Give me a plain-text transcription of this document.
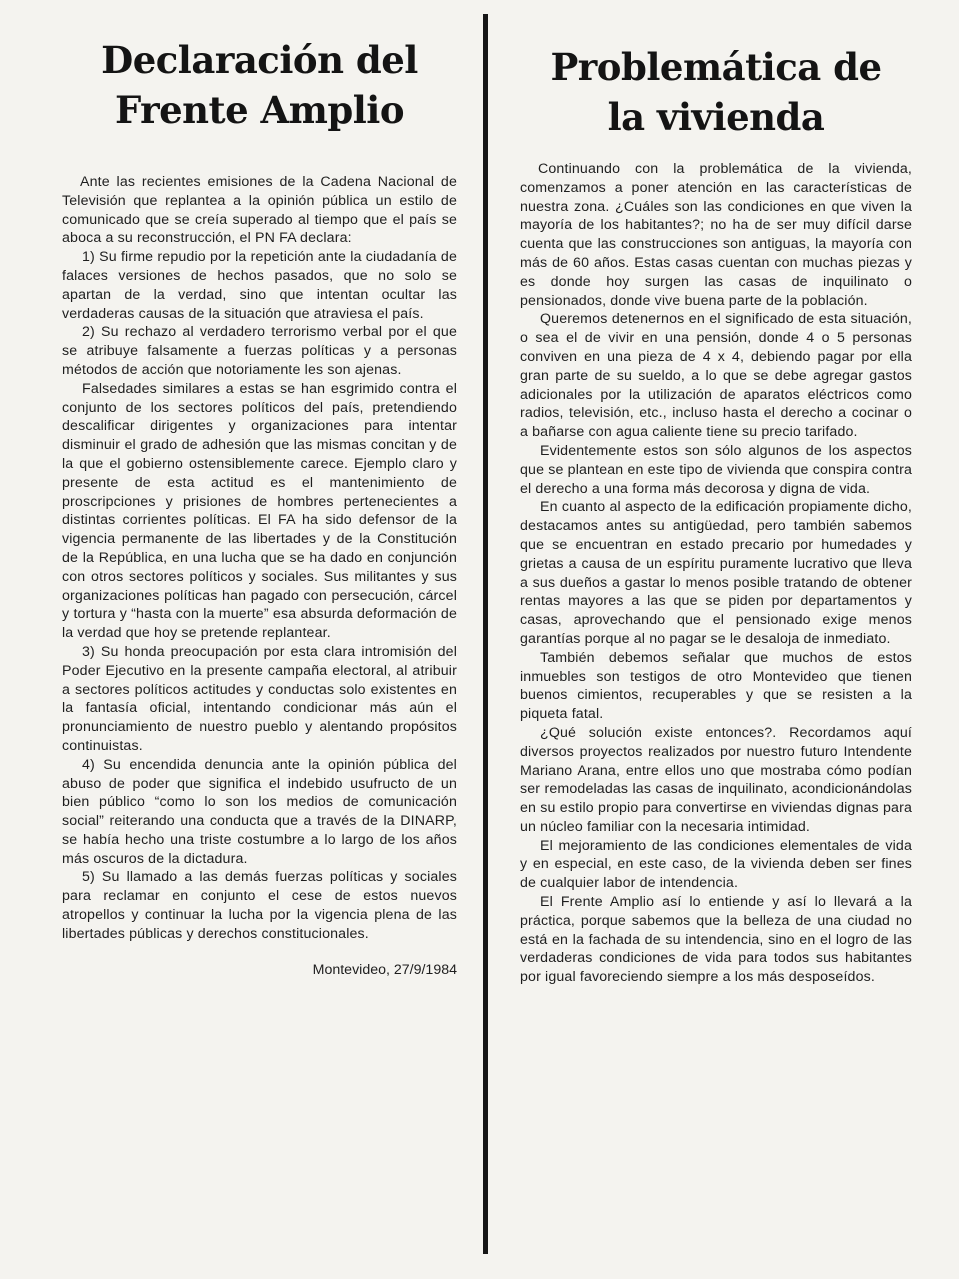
Declaración del
Frente Amplio

Ante las recientes emisiones de la Cadena Nacional de Televisión que replantea a la opinión pública un estilo de comunicado que se creía superado al tiempo que el país se aboca a su reconstrucción, el PN FA declara:

1) Su firme repudio por la repetición ante la ciudadanía de falaces versiones de hechos pasados, que no solo se apartan de la verdad, sino que intentan ocultar las verdaderas causas de la situación que atraviesa el país.

2) Su rechazo al verdadero terrorismo verbal por el que se atribuye falsamente a fuerzas políticas y a personas métodos de acción que notoriamente les son ajenas.

Falsedades similares a estas se han esgrimido contra el conjunto de los sectores políticos del país, pretendiendo descalificar dirigentes y organizaciones para intentar disminuir el grado de adhesión que las mismas concitan y de la que el gobierno ostensiblemente carece. Ejemplo claro y presente de esta actitud es el mantenimiento de proscripciones y prisiones de hombres pertenecientes a distintas corrientes políticas. El FA ha sido defensor de la vigencia permanente de las libertades y de la Constitución de la República, en una lucha que se ha dado en conjunción con otros sectores políticos y sociales. Sus militantes y sus organizaciones políticas han pagado con persecución, cárcel y tortura y “hasta con la muerte” esa absurda deformación de la verdad que hoy se pretende replantear.

3) Su honda preocupación por esta clara intromisión del Poder Ejecutivo en la presente campaña electoral, al atribuir a sectores políticos actitudes y conductas solo existentes en la fantasía oficial, intentando condicionar más aún el pronunciamiento de nuestro pueblo y alentando propósitos continuistas.

4) Su encendida denuncia ante la opinión pública del abuso de poder que significa el indebido usufructo de un bien público “como lo son los medios de comunicación social” reiterando una conducta que a través de la DINARP, se había hecho una triste costumbre a lo largo de los años más oscuros de la dictadura.

5) Su llamado a las demás fuerzas políticas y sociales para reclamar en conjunto el cese de estos nuevos atropellos y continuar la lucha por la vigencia plena de las libertades públicas y derechos constitucionales.

Montevideo, 27/9/1984
Problemática de
la vivienda

Continuando con la problemática de la vivienda, comenzamos a poner atención en las características de nuestra zona. ¿Cuáles son las condiciones en que viven la mayoría de los habitantes?; no ha de ser muy difícil darse cuenta que las construcciones son antiguas, la mayoría con más de 60 años. Estas casas cuentan con muchas piezas y es donde hoy surgen las casas de inquilinato o pensionados, donde vive buena parte de la población.

Queremos detenernos en el significado de esta situación, o sea el de vivir en una pensión, donde 4 o 5 personas conviven en una pieza de 4 x 4, debiendo pagar por ella gran parte de su sueldo, a lo que se debe agregar gastos adicionales por la utilización de aparatos eléctricos como radios, televisión, etc., incluso hasta el derecho a cocinar o a bañarse con agua caliente tiene su precio tarifado.

Evidentemente estos son sólo algunos de los aspectos que se plantean en este tipo de vivienda que conspira contra el derecho a una forma más decorosa y digna de vida.

En cuanto al aspecto de la edificación propiamente dicho, destacamos antes su antigüedad, pero también sabemos que se encuentran en estado precario por humedades y grietas a causa de un espíritu puramente lucrativo que lleva a sus dueños a gastar lo menos posible tratando de obtener rentas mayores a las que se piden por departamentos y casas, aprovechando que el pensionado exige menos garantías porque al no pagar se le desaloja de inmediato.

También debemos señalar que muchos de estos inmuebles son testigos de otro Montevideo que tienen buenos cimientos, recuperables y que se resisten a la piqueta fatal.

¿Qué solución existe entonces?. Recordamos aquí diversos proyectos realizados por nuestro futuro Intendente Mariano Arana, entre ellos uno que mostraba cómo podían ser remodeladas las casas de inquilinato, acondicionándolas en su estilo propio para convertirse en viviendas dignas para un núcleo familiar con la necesaria intimidad.

El mejoramiento de las condiciones elementales de vida y en especial, en este caso, de la vivienda deben ser fines de cualquier labor de intendencia.

El Frente Amplio así lo entiende y así lo llevará a la práctica, porque sabemos que la belleza de una ciudad no está en la fachada de su intendencia, sino en el logro de las verdaderas condiciones de vida para todos sus habitantes por igual favoreciendo siempre a los más desposeídos.
